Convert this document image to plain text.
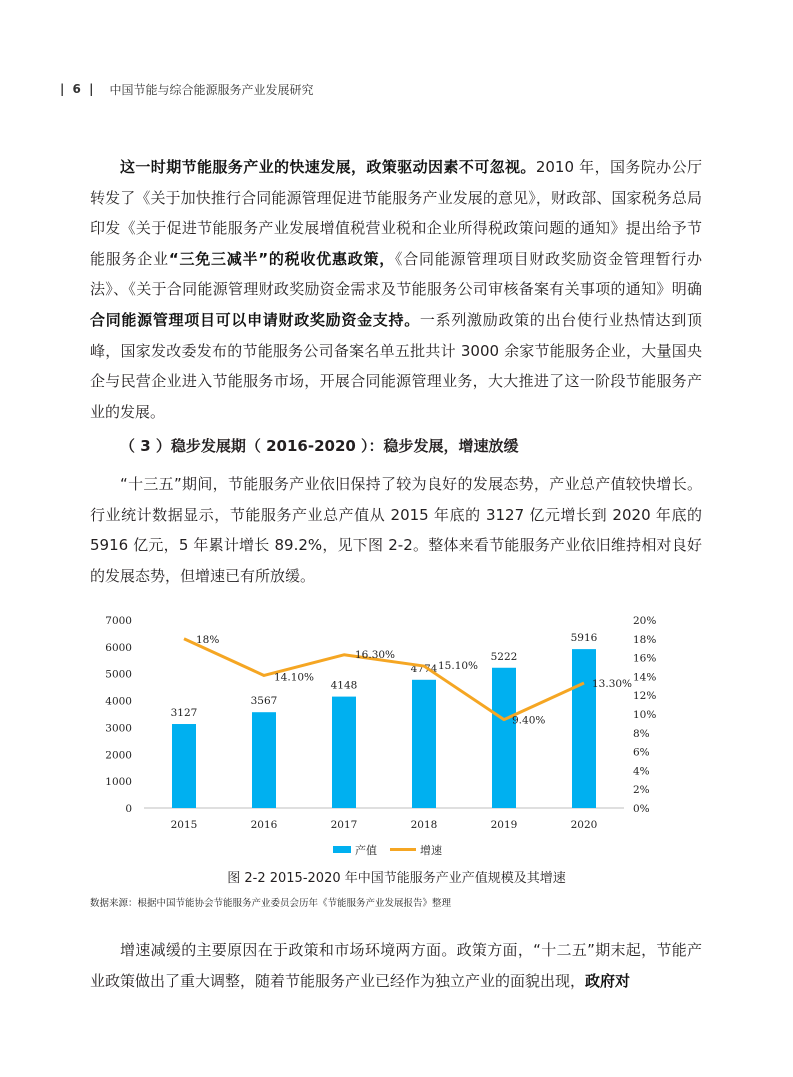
| 6 | 中国节能与综合能源服务产业发展研究

这一时期节能服务产业的快速发展，政策驱动因素不可忽视。2010 年，国务院办公厅转发了《关于加快推行合同能源管理促进节能服务产业发展的意见》，财政部、国家税务总局印发《关于促进节能服务产业发展增值税营业税和企业所得税政策问题的通知》提出给予节能服务企业“三免三减半”的税收优惠政策，《合同能源管理项目财政奖励资金管理暂行办法》、《关于合同能源管理财政奖励资金需求及节能服务公司审核备案有关事项的通知》明确合同能源管理项目可以申请财政奖励资金支持。一系列激励政策的出台使行业热情达到顶峰，国家发改委发布的节能服务公司备案名单五批共计 3000 余家节能服务企业，大量国央企与民营企业进入节能服务市场，开展合同能源管理业务，大大推进了这一阶段节能服务产业的发展。

（ 3 ）稳步发展期（ 2016-2020 ）：稳步发展，增速放缓

“十三五”期间，节能服务产业依旧保持了较为良好的发展态势，产业总产值较快增长。行业统计数据显示，节能服务产业总产值从 2015 年底的 3127 亿元增长到 2020 年底的 5916 亿元，5 年累计增长 89.2%，见下图 2-2。整体来看节能服务产业依旧维持相对良好的发展态势，但增速已有所放缓。

0
1000
2000
3000
4000
5000
6000
7000
0%
2%
4%
6%
8%
10%
12%
14%
16%
18%
20%
3127
3567
4148
4774
5222
5916
18%
14.10%
16.30%
15.10%
9.40%
13.30%
2015	2016	2017	2018	2019	2020
产值	增速
图 2-2 2015-2020 年中国节能服务产业产值规模及其增速
数据来源：根据中国节能协会节能服务产业委员会历年《节能服务产业发展报告》整理

增速减缓的主要原因在于政策和市场环境两方面。政策方面，“十二五”期末起，节能产业政策做出了重大调整，随着节能服务产业已经作为独立产业的面貌出现，政府对
